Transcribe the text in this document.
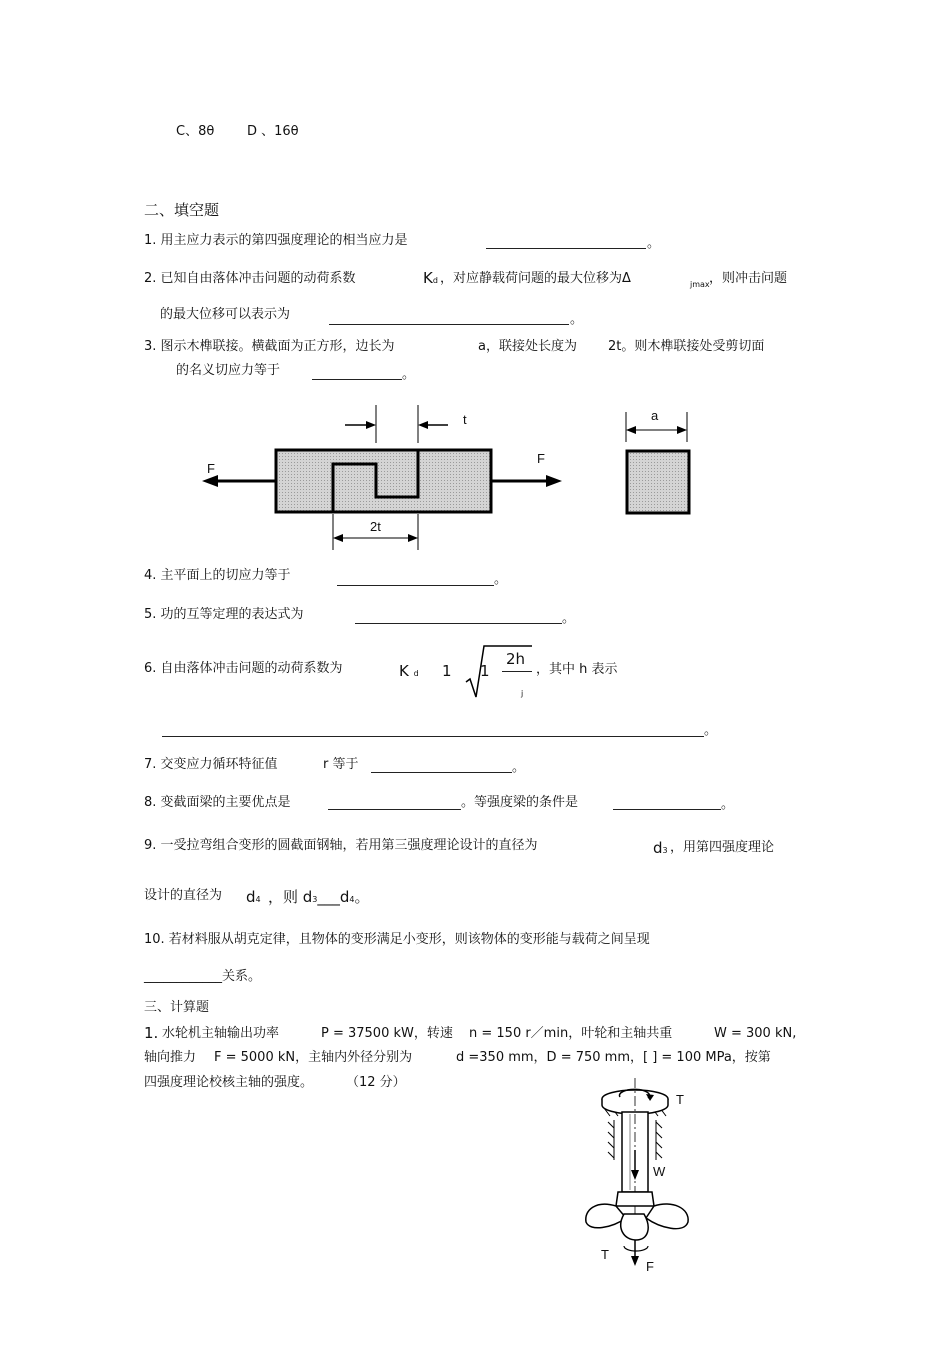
C、8θ	D 、16θ
二、填空题
1. 用主应力表示的第四强度理论的相当应力是	。
2. 已知自由落体冲击问题的动荷系数	Kd ，对应静载荷问题的最大位移为Δ	jmax ，则冲击问题
的最大位移可以表示为	。
3. 图示木榫联接。横截面为正方形，边长为	a，联接处长度为 2t。则木榫联接处受剪切面
的名义切应力等于	。
F
F
t
2t
a
4. 主平面上的切应力等于	。
5. 功的互等定理的表达式为	。
6. 自由落体冲击问题的动荷系数为	K d 1 1
2h
j
，其中 h 表示
。
7. 交变应力循环特征值	r 等于	。
8. 变截面梁的主要优点是	。等强度梁的条件是	。
9. 一受拉弯组合变形的圆截面钢轴，若用第三强度理论设计的直径为	d3 ，用第四强度理论
设计的直径为 d4 ，则 d3___d4。
10. 若材料服从胡克定律，且物体的变形满足小变形，则该物体的变形能与载荷之间呈现
____________关系。
三、计算题
1. 水轮机主轴输出功率	P = 37500 kW，转速 n = 150 r／min，叶轮和主轴共重	W = 300 kN,
轴向推力 F = 5000 kN，主轴内外径分别为	d =350 mm，D = 750 mm，[ ] = 100 MPa，按第
四强度理论校核主轴的强度。	（12 分）
T
W
T
F
